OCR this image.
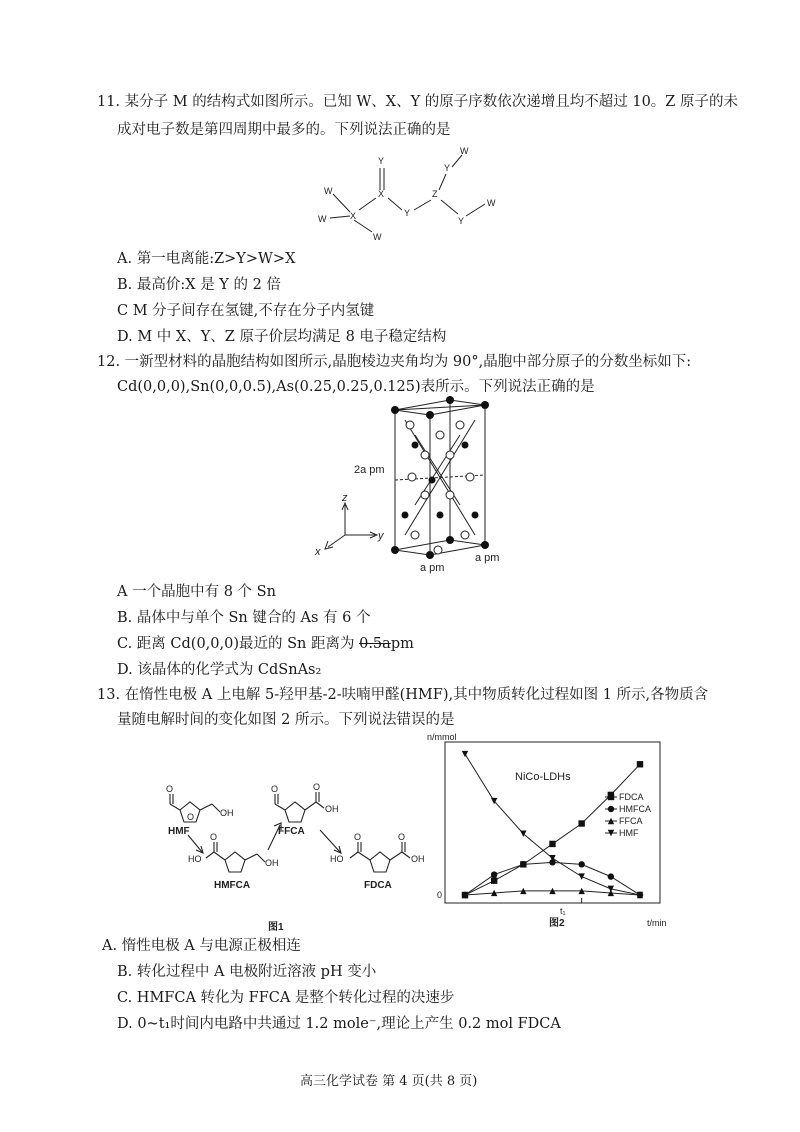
11. 某分子 M 的结构式如图所示。已知 W、X、Y 的原子序数依次递增且均不超过 10。Z 原子的未
成对电子数是第四周期中最多的。下列说法正确的是
Y
X
Y
Z
Y
W
Y
W
X
W
W
W
A. 第一电离能:Z>Y>W>X
B. 最高价:X 是 Y 的 2 倍
C M 分子间存在氢键,不存在分子内氢键
D. M 中 X、Y、Z 原子价层均满足 8 电子稳定结构
12. 一新型材料的晶胞结构如图所示,晶胞棱边夹角均为 90°,晶胞中部分原子的分数坐标如下:
Cd(0,0,0),Sn(0,0,0.5),As(0.25,0.25,0.125)表所示。下列说法正确的是
z
y
x
2a pm
a pm
a pm
A 一个晶胞中有 8 个 Sn
B. 晶体中与单个 Sn 键合的 As 有 6 个
C. 距离 Cd(0,0,0)最近的 Sn 距离为 0.5apm
D. 该晶体的化学式为 CdSnAs₂
13. 在惰性电极 A 上电解 5-羟甲基-2-呋喃甲醛(HMF),其中物质转化过程如图 1 所示,各物质含
量随电解时间的变化如图 2 所示。下列说法错误的是
O
OH
HMF
O
HO
O
OH
HMFCA
O	O
OH
FFCA
HO
O	O
OH
FDCA
图1
n/mmol
NiCo-LDHs
0
t₁
t/min
图2
FDCA
HMFCA
FFCA
HMF
A. 惰性电极 A 与电源正极相连
B. 转化过程中 A 电极附近溶液 pH 变小
C. HMFCA 转化为 FFCA 是整个转化过程的决速步
D. 0~t₁时间内电路中共通过 1.2 mole⁻,理论上产生 0.2 mol FDCA
高三化学试卷 第 4 页(共 8 页)
